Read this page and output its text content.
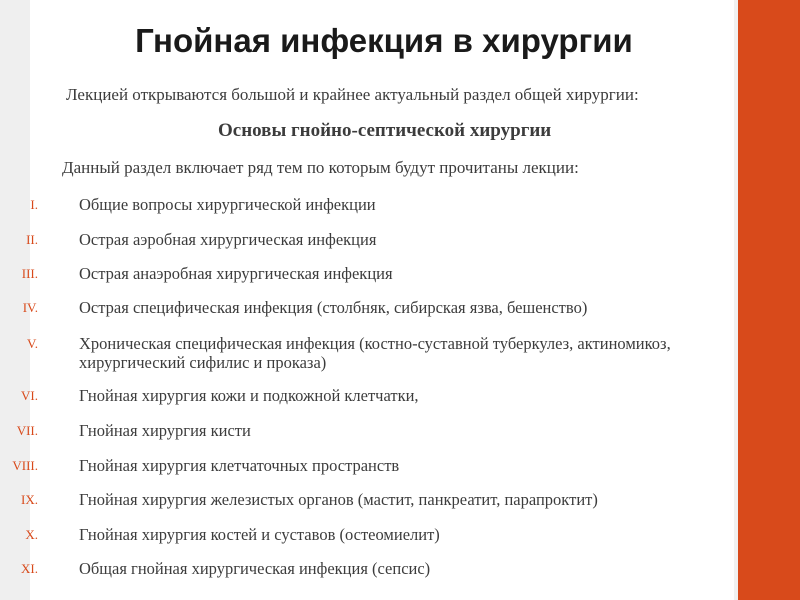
Гнойная инфекция в хирургии
Лекцией открываются большой и крайнее актуальный раздел общей хирургии:
Основы гнойно-септической хирургии
Данный раздел включает ряд тем по которым будут прочитаны лекции:
I. Общие вопросы хирургической инфекции
II. Острая аэробная хирургическая инфекция
III. Острая анаэробная хирургическая инфекция
IV. Острая специфическая инфекция (столбняк, сибирская язва, бешенство)
V. Хроническая специфическая инфекция (костно-суставной туберкулез, актиномикоз, хирургический сифилис и проказа)
VI. Гнойная хирургия кожи и подкожной клетчатки,
VII. Гнойная хирургия кисти
VIII. Гнойная хирургия клетчаточных пространств
IX. Гнойная хирургия железистых органов (мастит, панкреатит, парапроктит)
X. Гнойная хирургия костей и суставов (остеомиелит)
XI. Общая гнойная хирургическая инфекция (сепсис)
